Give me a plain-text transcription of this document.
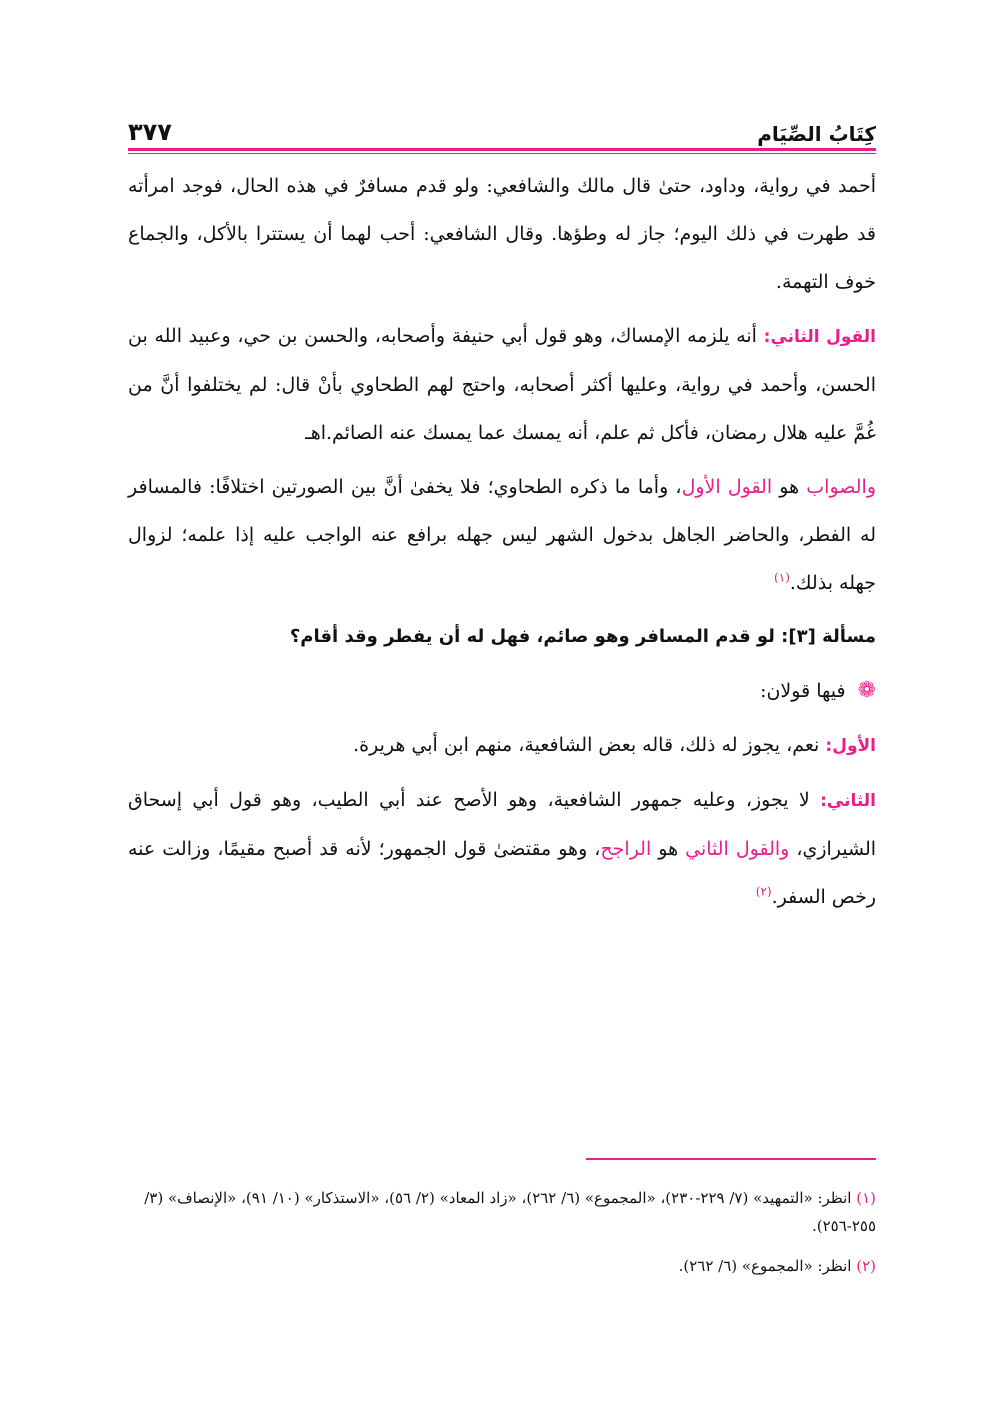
كِتَابُ الصِّيَام
٣٧٧

أحمد في رواية، وداود، حتىٰ قال مالك والشافعي: ولو قدم مسافرٌ في هذه الحال، فوجد امرأته قد طهرت في ذلك اليوم؛ جاز له وطؤها. وقال الشافعي: أحب لهما أن يستترا بالأكل، والجماع خوف التهمة.

القول الثاني: أنه يلزمه الإمساك، وهو قول أبي حنيفة وأصحابه، والحسن بن حي، وعبيد الله بن الحسن، وأحمد في رواية، وعليها أكثر أصحابه، واحتج لهم الطحاوي بأنْ قال: لم يختلفوا أنَّ من غُمَّ عليه هلال رمضان، فأكل ثم علم، أنه يمسك عما يمسك عنه الصائم.اهـ

والصواب هو القول الأول، وأما ما ذكره الطحاوي؛ فلا يخفىٰ أنَّ بين الصورتين اختلافًا: فالمسافر له الفطر، والحاضر الجاهل بدخول الشهر ليس جهله برافع عنه الواجب عليه إذا علمه؛ لزوال جهله بذلك.$^{(١)}$

مسألة [٣]: لو قدم المسافر وهو صائم، فهل له أن يفطر وقد أقام؟

❁فيها قولان:

الأول: نعم، يجوز له ذلك، قاله بعض الشافعية، منهم ابن أبي هريرة.

الثاني: لا يجوز، وعليه جمهور الشافعية، وهو الأصح عند أبي الطيب، وهو قول أبي إسحاق الشيرازي، والقول الثاني هو الراجح، وهو مقتضىٰ قول الجمهور؛ لأنه قد أصبح مقيمًا، وزالت عنه رخص السفر.$^{(٢)}$

(١) انظر: «التمهيد» (٧/ ٢٢٩-٢٣٠)، «المجموع» (٦/ ٢٦٢)، «زاد المعاد» (٢/ ٥٦)، «الاستذكار» (١٠/ ٩١)، «الإنصاف» (٣/ ٢٥٥-٢٥٦).

(٢) انظر: «المجموع» (٦/ ٢٦٢).
